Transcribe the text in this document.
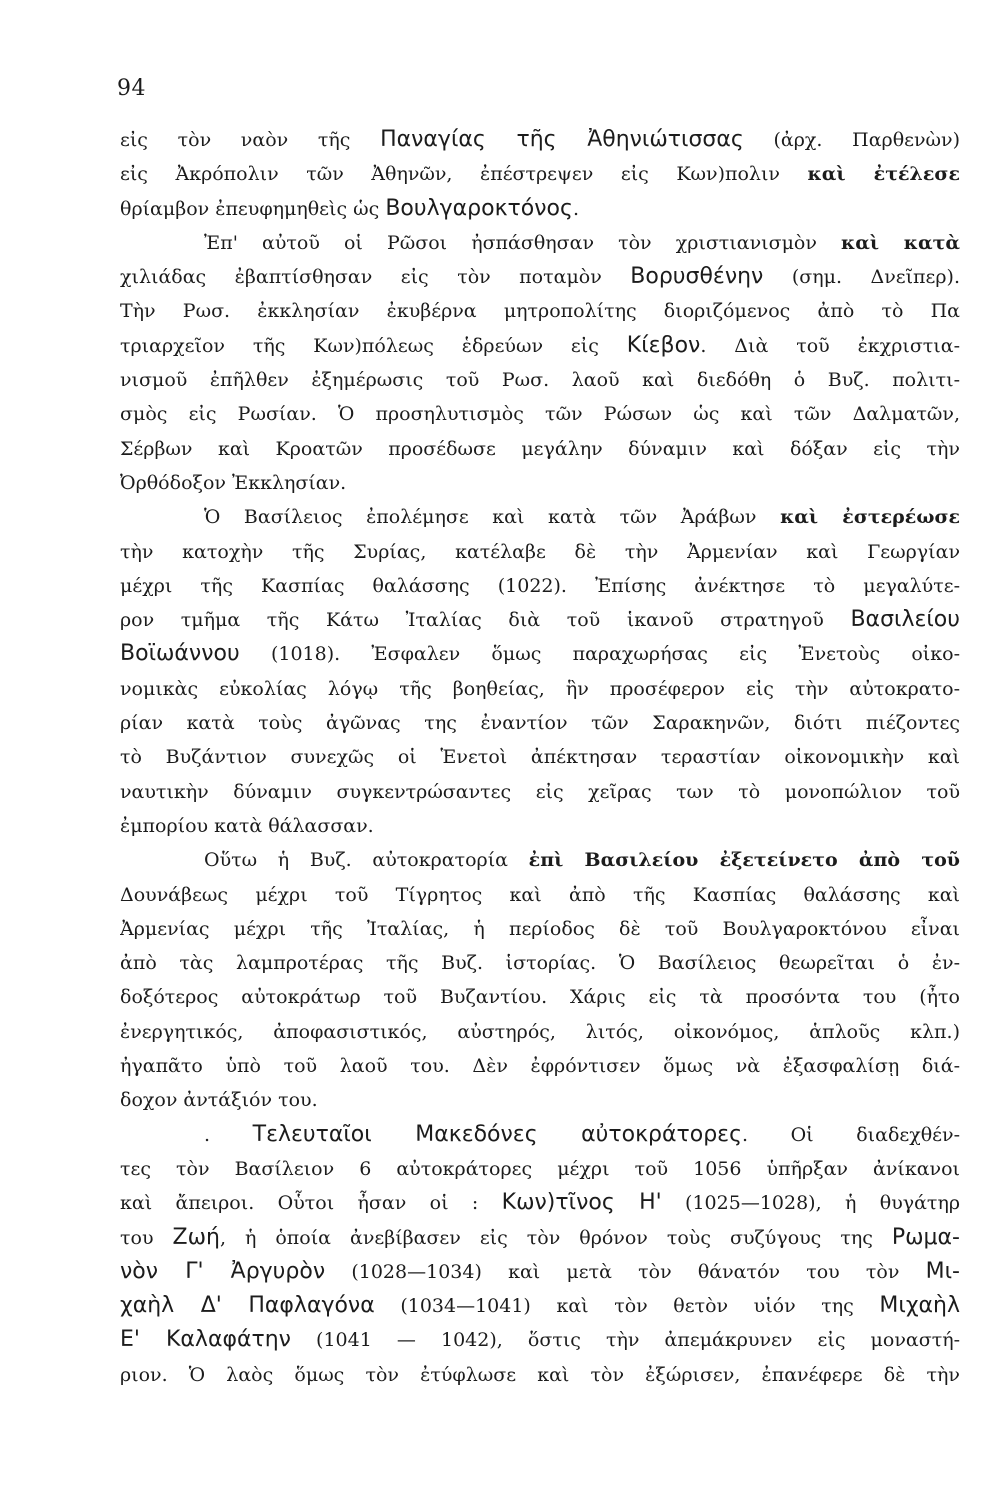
94
εἰς τὸν ναὸν τῆς Παναγίας τῆς Ἀθηνιώτισσας (ἀρχ. Παρθενὼν)
εἰς Ἀκρόπολιν τῶν Ἀθηνῶν, ἐπέστρεψεν εἰς Κων)πολιν καὶ ἐτέλεσε
θρίαμβον ἐπευφημηθεὶς ὡς Βουλγαροκτόνος.
Ἐπ' αὐτοῦ οἱ Ρῶσοι ἠσπάσθησαν τὸν χριστιανισμὸν καὶ κατὰ
χιλιάδας ἐβαπτίσθησαν εἰς τὸν ποταμὸν Βορυσθένην (σημ. Δνεῖπερ).
Τὴν Ρωσ. ἐκκλησίαν ἐκυβέρνα μητροπολίτης διοριζόμενος ἀπὸ τὸ Πα
τριαρχεῖον τῆς Κων)πόλεως ἑδρεύων εἰς Κίεβον. Διὰ τοῦ ἐκχριστια-
νισμοῦ ἐπῆλθεν ἐξημέρωσις τοῦ Ρωσ. λαοῦ καὶ διεδόθη ὁ Βυζ. πολιτι-
σμὸς εἰς Ρωσίαν. Ὁ προσηλυτισμὸς τῶν Ρώσων ὡς καὶ τῶν Δαλματῶν,
Σέρβων καὶ Κροατῶν προσέδωσε μεγάλην δύναμιν καὶ δόξαν εἰς τὴν
Ὀρθόδοξον Ἐκκλησίαν.
Ὁ Βασίλειος ἐπολέμησε καὶ κατὰ τῶν Ἀράβων καὶ ἐστερέωσε
τὴν κατοχὴν τῆς Συρίας, κατέλαβε δὲ τὴν Ἀρμενίαν καὶ Γεωργίαν
μέχρι τῆς Κασπίας θαλάσσης (1022). Ἐπίσης ἀνέκτησε τὸ μεγαλύτε-
ρον τμῆμα τῆς Κάτω Ἰταλίας διὰ τοῦ ἱκανοῦ στρατηγοῦ Βασιλείου
Βοϊωάννου (1018). Ἐσφαλεν ὅμως παραχωρήσας εἰς Ἐνετοὺς οἰκο-
νομικὰς εὐκολίας λόγῳ τῆς βοηθείας, ἣν προσέφερον εἰς τὴν αὐτοκρατο-
ρίαν κατὰ τοὺς ἀγῶνας της ἐναντίον τῶν Σαρακηνῶν, διότι πιέζοντες
τὸ Βυζάντιον συνεχῶς οἱ Ἑνετοὶ ἀπέκτησαν τεραστίαν οἰκονομικὴν καὶ
ναυτικὴν δύναμιν συγκεντρώσαντες εἰς χεῖρας των τὸ μονοπώλιον τοῦ
ἐμπορίου κατὰ θάλασσαν.
Οὕτω ἡ Βυζ. αὐτοκρατορία ἐπὶ Βασιλείου ἐξετείνετο ἀπὸ τοῦ
Δουνάβεως μέχρι τοῦ Τίγρητος καὶ ἀπὸ τῆς Κασπίας θαλάσσης καὶ
Ἀρμενίας μέχρι τῆς Ἰταλίας, ἡ περίοδος δὲ τοῦ Βουλγαροκτόνου εἶναι
ἀπὸ τὰς λαμπροτέρας τῆς Βυζ. ἱστορίας. Ὁ Βασίλειος θεωρεῖται ὁ ἐν-
δοξότερος αὐτοκράτωρ τοῦ Βυζαντίου. Χάρις εἰς τὰ προσόντα του (ἦτο
ἐνεργητικός, ἀποφασιστικός, αὐστηρός, λιτός, οἰκονόμος, ἁπλοῦς κλπ.)
ἠγαπᾶτο ὑπὸ τοῦ λαοῦ του. Δὲν ἐφρόντισεν ὅμως νὰ ἐξασφαλίσῃ διά-
δοχον ἀντάξιόν του.
. Τελευταῖοι Μακεδόνες αὐτοκράτορες. Οἱ διαδεχθέν-
τες τὸν Βασίλειον 6 αὐτοκράτορες μέχρι τοῦ 1056 ὑπῆρξαν ἀνίκανοι
καὶ ἄπειροι. Οὗτοι ἦσαν οἱ : Κων)τῖνος Η' (1025—1028), ἡ θυγάτηρ
του Ζωή, ἡ ὁποία ἀνεβίβασεν εἰς τὸν θρόνον τοὺς συζύγους της Ρωμα-
νὸν Γ' Ἀργυρὸν (1028—1034) καὶ μετὰ τὸν θάνατόν του τὸν Μι-
χαὴλ Δ' Παφλαγόνα (1034—1041) καὶ τὸν θετὸν υἱόν της Μιχαὴλ
Ε' Καλαφάτην (1041 — 1042), ὅστις τὴν ἀπεμάκρυνεν εἰς μοναστή-
ριον. Ὁ λαὸς ὅμως τὸν ἐτύφλωσε καὶ τὸν ἐξώρισεν, ἐπανέφερε δὲ τὴν
